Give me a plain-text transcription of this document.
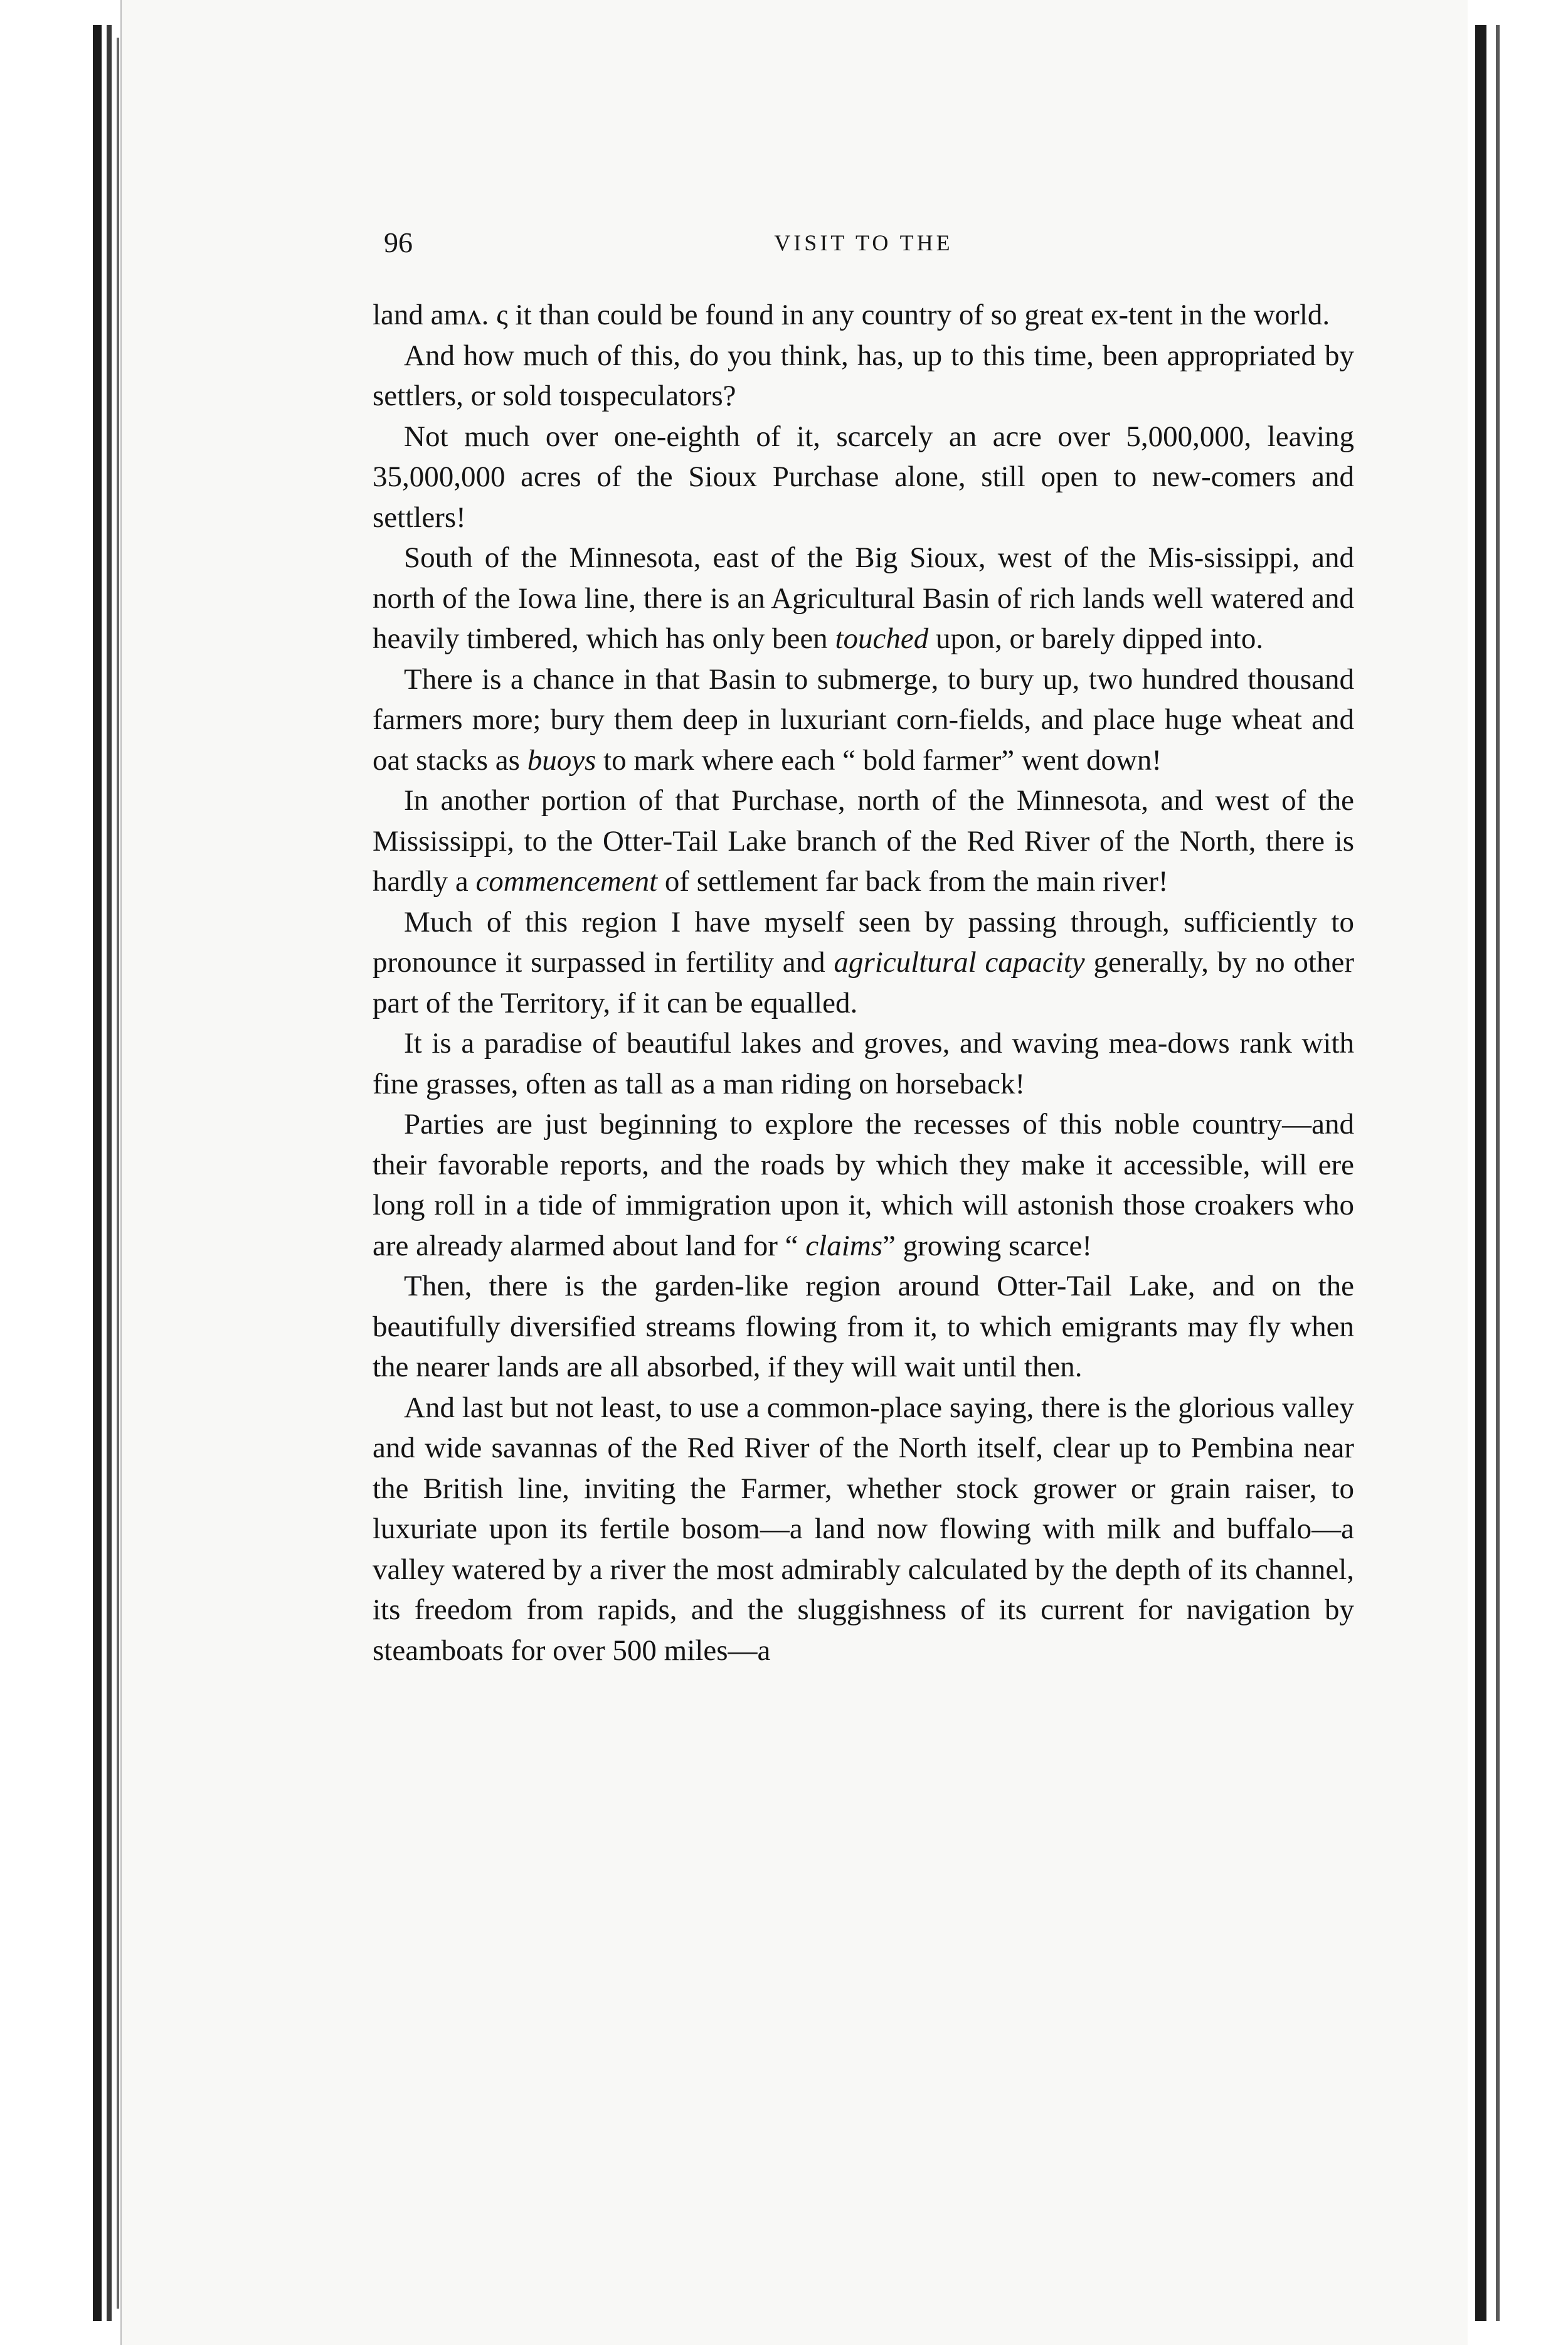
96	VISIT TO THE

land amʌ. ς it than could be found in any country of so great ex-tent in the world.

And how much of this, do you think, has, up to this time, been appropriated by settlers, or sold toıspeculators?

Not much over one-eighth of it, scarcely an acre over 5,000,000, leaving 35,000,000 acres of the Sioux Purchase alone, still open to new-comers and settlers!

South of the Minnesota, east of the Big Sioux, west of the Mis-sissippi, and north of the Iowa line, there is an Agricultural Basin of rich lands well watered and heavily timbered, which has only been touched upon, or barely dipped into.

There is a chance in that Basin to submerge, to bury up, two hundred thousand farmers more; bury them deep in luxuriant corn-fields, and place huge wheat and oat stacks as buoys to mark where each “ bold farmer” went down!

In another portion of that Purchase, north of the Minnesota, and west of the Mississippi, to the Otter-Tail Lake branch of the Red River of the North, there is hardly a commencement of settlement far back from the main river!

Much of this region I have myself seen by passing through, sufficiently to pronounce it surpassed in fertility and agricultural capacity generally, by no other part of the Territory, if it can be equalled.

It is a paradise of beautiful lakes and groves, and waving mea-dows rank with fine grasses, often as tall as a man riding on horseback!

Parties are just beginning to explore the recesses of this noble country—and their favorable reports, and the roads by which they make it accessible, will ere long roll in a tide of immigration upon it, which will astonish those croakers who are already alarmed about land for “ claims” growing scarce!

Then, there is the garden-like region around Otter-Tail Lake, and on the beautifully diversified streams flowing from it, to which emigrants may fly when the nearer lands are all absorbed, if they will wait until then.

And last but not least, to use a common-place saying, there is the glorious valley and wide savannas of the Red River of the North itself, clear up to Pembina near the British line, inviting the Farmer, whether stock grower or grain raiser, to luxuriate upon its fertile bosom—a land now flowing with milk and buffalo—a valley watered by a river the most admirably calculated by the depth of its channel, its freedom from rapids, and the sluggishness of its current for navigation by steamboats for over 500 miles—a
